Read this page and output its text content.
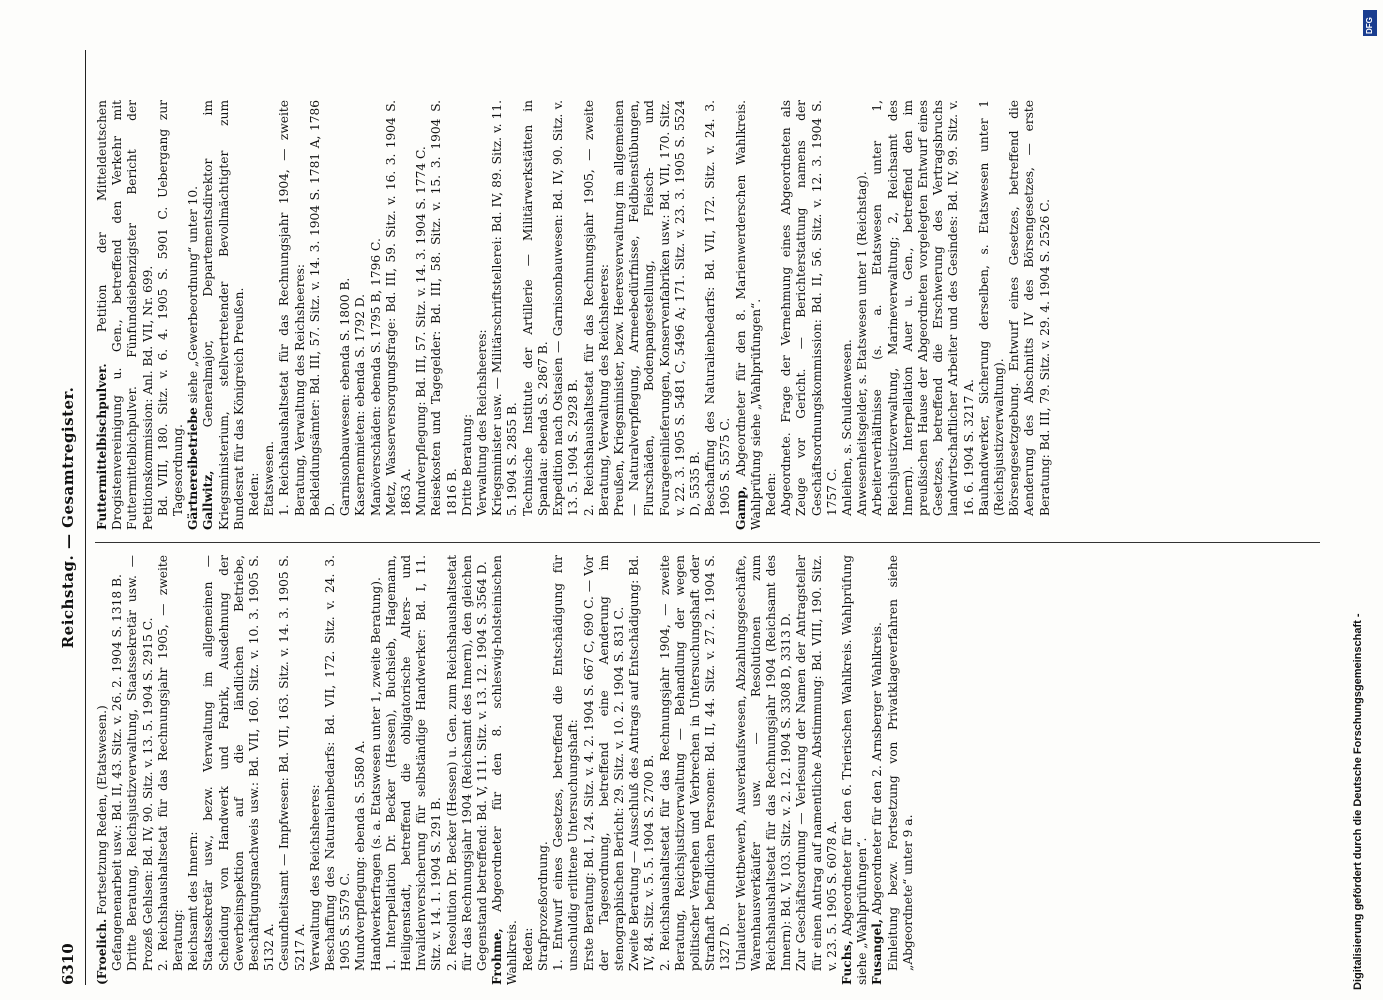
6310
Reichstag. — Gesamtregister.

(Froelich. Fortsetzung Reden, (Etatswesen.) Gefangenenarbeit usw.: Bd. II, 43. Sitz. v. 26. 2. 1904 S. 1318 B. Dritte Beratung, Reichsjustizverwaltung, Staatssekretär usw. — Prozeß Gehlsen: Bd. IV, 90. Sitz. v. 13. 5. 1904 S. 2915 C. 2. Reichshaushaltsetat für das Rechnungsjahr 1905, — zweite Beratung: Reichsamt des Innern: Staatssekretär usw., bezw. Verwaltung im allgemeinen — Scheidung von Handwerk und Fabrik, Ausdehnung der Gewerbeinspektion auf die ländlichen Betriebe, Beschäftigungsnachweis usw.: Bd. VII, 160. Sitz. v. 10. 3. 1905 S. 5132 A. Gesundheitsamt — Impfwesen: Bd. VII, 163. Sitz. v. 14. 3. 1905 S. 5217 A. Verwaltung des Reichsheeres: Beschaffung des Naturalienbedarfs: Bd. VII, 172. Sitz. v. 24. 3. 1905 S. 5579 C. Mundverpflegung: ebenda S. 5580 A. Handwerkerfragen (s. a. Etatswesen unter 1, zweite Beratung). 1. Interpellation Dr. Becker (Hessen), Buchsieb, Hagemann, Heiligenstadt, betreffend die obligatorische Alters- und Invalidenversicherung für selbständige Handwerker: Bd. I, 11. Sitz. v. 14. 1. 1904 S. 291 B. 2. Resolution Dr. Becker (Hessen) u. Gen. zum Reichshaushaltsetat für das Rechnungsjahr 1904 (Reichsamt des Innern), den gleichen Gegenstand betreffend: Bd. V, 111. Sitz. v. 13. 12. 1904 S. 3564 D. Frohme, Abgeordneter für den 8. schleswig-holsteinischen Wahlkreis. Reden: Strafprozeßordnung. 1. Entwurf eines Gesetzes, betreffend die Entschädigung für unschuldig erlittene Untersuchungshaft: Erste Beratung: Bd. I, 24. Sitz. v. 4. 2. 1904 S. 667 C, 690 C. — Vor der Tagesordnung, betreffend eine Aenderung im stenographischen Bericht: 29. Sitz. v. 10. 2. 1904 S. 831 C. Zweite Beratung — Ausschluß des Antrags auf Entschädigung: Bd. IV, 84. Sitz. v. 5. 5. 1904 S. 2700 B. 2. Reichshaushaltsetat für das Rechnungsjahr 1904, — zweite Beratung, Reichsjustizverwaltung — Behandlung der wegen politischer Vergehen und Verbrechen in Untersuchungshaft oder Strafhaft befindlichen Personen: Bd. II, 44. Sitz. v. 27. 2. 1904 S. 1327 D. Unlauterer Wettbewerb, Ausverkaufswesen, Abzahlungsgeschäfte, Warenhausverkäufer usw. — Resolutionen zum Reichshaushaltsetat für das Rechnungsjahr 1904 (Reichsamt des Innern): Bd. V, 103. Sitz. v. 2. 12. 1904 S. 3308 D, 3313 D. Zur Geschäftsordnung — Verlesung der Namen der Antragsteller für einen Antrag auf namentliche Abstimmung: Bd. VIII, 190. Sitz. v. 23. 5. 1905 S. 6078 A. Fuchs, Abgeordneter für den 6. Trierischen Wahlkreis. Wahlprüfung siehe „Wahlprüfungen“. Fusangel, Abgeordneter für den 2. Arnsberger Wahlkreis. Einleitung bezw. Fortsetzung von Privatklageverfahren siehe „Abgeordnete“ unter 9 a.

Futtermittelbischpulver. Petition der Mitteldeutschen Drogistenvereinigung u. Gen., betreffend den Verkehr mit Futtermittelbichpulver. Fünfundsiebenzigster Bericht der Petitionskommission: Anl. Bd. VII, Nr. 699. Bd. VIII, 180. Sitz. v. 6. 4. 1905 S. 5901 C. Uebergang zur Tagesordnung. Gärtnereibetriebe siehe „Gewerbeordnung“ unter 10.

Gallwitz, Generalmajor, Departementsdirektor im Kriegsministerium, stellvertretender Bevollmächtigter zum Bundesrat für das Königreich Preußen. Reden: Etatswesen. 1. Reichshaushaltsetat für das Rechnungsjahr 1904, — zweite Beratung, Verwaltung des Reichsheeres: Bekleidungsämter: Bd. III, 57. Sitz. v. 14. 3. 1904 S. 1781 A, 1786 D. Garnisonbauwesen: ebenda S. 1800 B. Kasernenmieten: ebenda S. 1792 D. Manöverschäden: ebenda S. 1795 B, 1796 C. Metz, Wasserversorgungsfrage: Bd. III, 59. Sitz. v. 16. 3. 1904 S. 1863 A. Mundverpflegung: Bd. III, 57. Sitz. v. 14. 3. 1904 S. 1774 C. Reisekosten und Tagegelder: Bd. III, 58. Sitz. v. 15. 3. 1904 S. 1816 B. Dritte Beratung: Verwaltung des Reichsheeres: Kriegsminister usw. — Militärschriftstellerei: Bd. IV, 89. Sitz. v. 11. 5. 1904 S. 2855 B. Technische Institute der Artillerie — Militärwerkstätten in Spandau: ebenda S. 2867 B. Expedition nach Ostasien — Garnisonbauwesen: Bd. IV, 90. Sitz. v. 13. 5. 1904 S. 2928 B. 2. Reichshaushaltsetat für das Rechnungsjahr 1905, — zweite Beratung, Verwaltung des Reichsheeres: Preußen, Kriegsminister, bezw. Heeresverwaltung im allgemeinen — Naturalverpflegung, Armeebedürfnisse, Feldbienstübungen, Flurschäden, Bodenpangestellung, Fleisch- und Fourageeinlieferungen, Konservenfabriken usw.: Bd. VII, 170. Sitz. v. 22. 3. 1905 S. 5481 C, 5496 A; 171. Sitz. v. 23. 3. 1905 S. 5524 D, 5535 B. Beschaffung des Naturalienbedarfs: Bd. VII, 172. Sitz. v. 24. 3. 1905 S. 5575 C. Gamp, Abgeordneter für den 8. Marienwerderschen Wahlkreis. Wahlprüfung siehe „Wahlprüfungen“. Reden: Abgeordnete. Frage der Vernehmung eines Abgeordneten als Zeuge vor Gericht. — Berichterstattung namens der Geschäftsordnungskommission: Bd. II, 56. Sitz. v. 12. 3. 1904 S. 1757 C. Anleihen, s. Schuldenwesen. Anwesenheitsgelder, s. Etatswesen unter 1 (Reichstag). Arbeiterverhältnisse (s. a. Etatswesen unter 1, Reichsjustizverwaltung, Marineverwaltung; 2, Reichsamt des Innern). Interpellation Auer u. Gen., betreffend den im preußischen Hause der Abgeordneten vorgelegten Entwurf eines Gesetzes, betreffend die Erschwerung des Vertragsbruchs landwirtschaftlicher Arbeiter und des Gesindes: Bd. IV, 99. Sitz. v. 16. 6. 1904 S. 3217 A. Bauhandwerker, Sicherung derselben, s. Etatswesen unter 1 (Reichsjustizverwaltung). Börsengesetzgebung. Entwurf eines Gesetzes, betreffend die Aenderung des Abschnitts IV des Börsengesetzes, — erste Beratung: Bd. III, 79. Sitz. v. 29. 4. 1904 S. 2526 C.

Digitalisierung gefördert durch die Deutsche Forschungsgemeinschaft -
DFG
